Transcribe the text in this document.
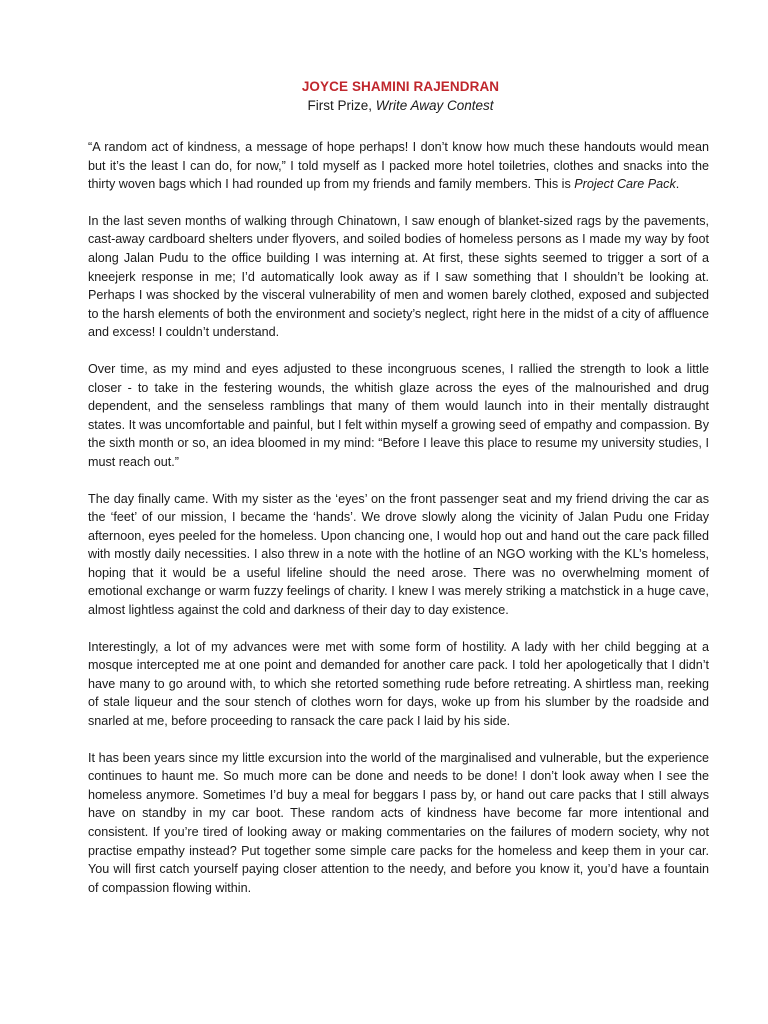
JOYCE SHAMINI RAJENDRAN
First Prize, Write Away Contest

“A random act of kindness, a message of hope perhaps! I don’t know how much these handouts would mean but it’s the least I can do, for now,” I told myself as I packed more hotel toiletries, clothes and snacks into the thirty woven bags which I had rounded up from my friends and family members. This is Project Care Pack.

In the last seven months of walking through Chinatown, I saw enough of blanket-sized rags by the pavements, cast-away cardboard shelters under flyovers, and soiled bodies of homeless persons as I made my way by foot along Jalan Pudu to the office building I was interning at. At first, these sights seemed to trigger a sort of a kneejerk response in me; I’d automatically look away as if I saw something that I shouldn’t be looking at. Perhaps I was shocked by the visceral vulnerability of men and women barely clothed, exposed and subjected to the harsh elements of both the environment and society’s neglect, right here in the midst of a city of affluence and excess! I couldn’t understand.

Over time, as my mind and eyes adjusted to these incongruous scenes, I rallied the strength to look a little closer - to take in the festering wounds, the whitish glaze across the eyes of the malnourished and drug dependent, and the senseless ramblings that many of them would launch into in their mentally distraught states. It was uncomfortable and painful, but I felt within myself a growing seed of empathy and compassion. By the sixth month or so, an idea bloomed in my mind: “Before I leave this place to resume my university studies, I must reach out.”

The day finally came. With my sister as the ‘eyes’ on the front passenger seat and my friend driving the car as the ‘feet’ of our mission, I became the ‘hands’. We drove slowly along the vicinity of Jalan Pudu one Friday afternoon, eyes peeled for the homeless. Upon chancing one, I would hop out and hand out the care pack filled with mostly daily necessities. I also threw in a note with the hotline of an NGO working with the KL’s homeless, hoping that it would be a useful lifeline should the need arose. There was no overwhelming moment of emotional exchange or warm fuzzy feelings of charity. I knew I was merely striking a matchstick in a huge cave, almost lightless against the cold and darkness of their day to day existence.

Interestingly, a lot of my advances were met with some form of hostility. A lady with her child begging at a mosque intercepted me at one point and demanded for another care pack. I told her apologetically that I didn’t have many to go around with, to which she retorted something rude before retreating. A shirtless man, reeking of stale liqueur and the sour stench of clothes worn for days, woke up from his slumber by the roadside and snarled at me, before proceeding to ransack the care pack I laid by his side.

It has been years since my little excursion into the world of the marginalised and vulnerable, but the experience continues to haunt me. So much more can be done and needs to be done! I don’t look away when I see the homeless anymore. Sometimes I’d buy a meal for beggars I pass by, or hand out care packs that I still always have on standby in my car boot. These random acts of kindness have become far more intentional and consistent. If you’re tired of looking away or making commentaries on the failures of modern society, why not practise empathy instead? Put together some simple care packs for the homeless and keep them in your car. You will first catch yourself paying closer attention to the needy, and before you know it, you’d have a fountain of compassion flowing within.
